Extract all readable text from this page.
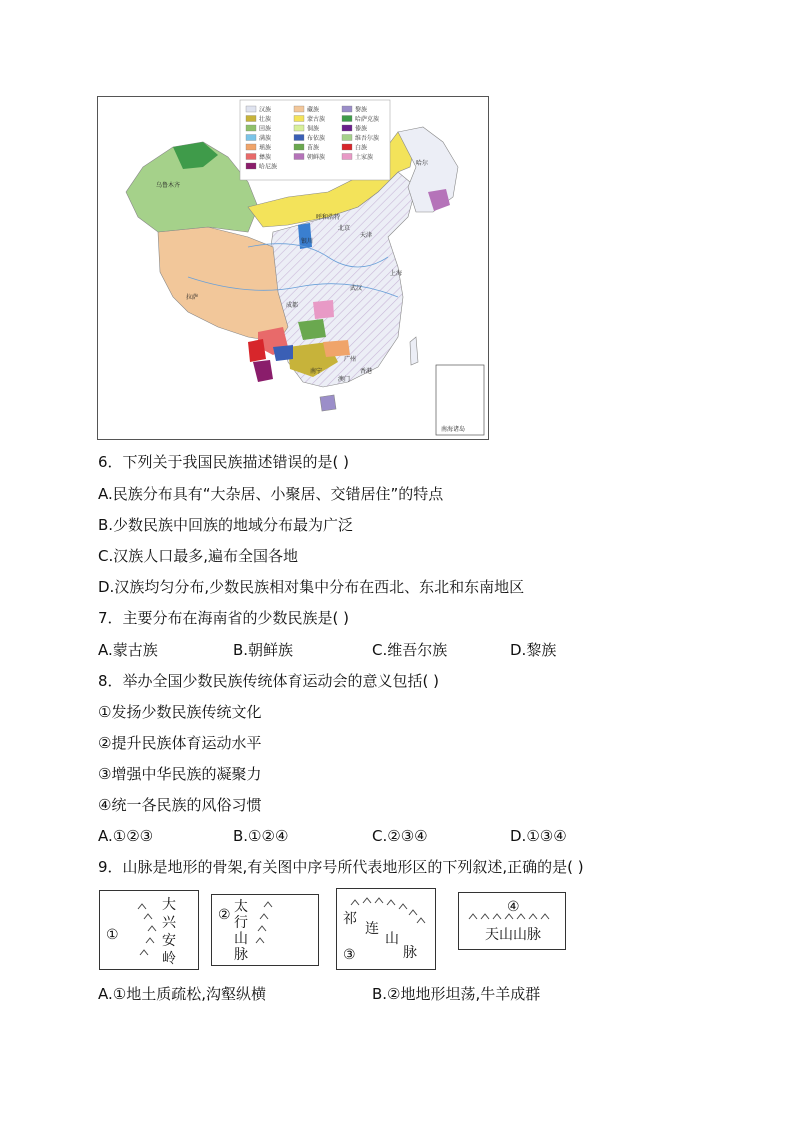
南海诸岛
汉族	藏族	黎族
壮族	蒙古族	哈萨克族
回族	侗族	傣族
满族	布依族	维吾尔族
瑶族	苗族	白族
彝族	朝鲜族	土家族
哈尼族
乌鲁木齐
呼和浩特
北京
天津
银川
拉萨
成都
武汉
上海
哈尔
南宁
广州
香港
澳门
6．下列关于我国民族描述错误的是( )
A.民族分布具有“大杂居、小聚居、交错居住”的特点
B.少数民族中回族的地域分布最为广泛
C.汉族人口最多,遍布全国各地
D.汉族均匀分布,少数民族相对集中分布在西北、东北和东南地区
7．主要分布在海南省的少数民族是( )
A.蒙古族	B.朝鲜族	C.维吾尔族	D.黎族
8．举办全国少数民族传统体育运动会的意义包括( )
①发扬少数民族传统文化
②提升民族体育运动水平
③增强中华民族的凝聚力
④统一各民族的风俗习惯
A.①②③	B.①②④	C.②③④	D.①③④
9．山脉是地形的骨架,有关图中序号所代表地形区的下列叙述,正确的是( )
①
大
兴
安
岭
② 太
行
山
脉
祁
连
山
脉
③
④
天山山脉
A.①地土质疏松,沟壑纵横	B.②地地形坦荡,牛羊成群
